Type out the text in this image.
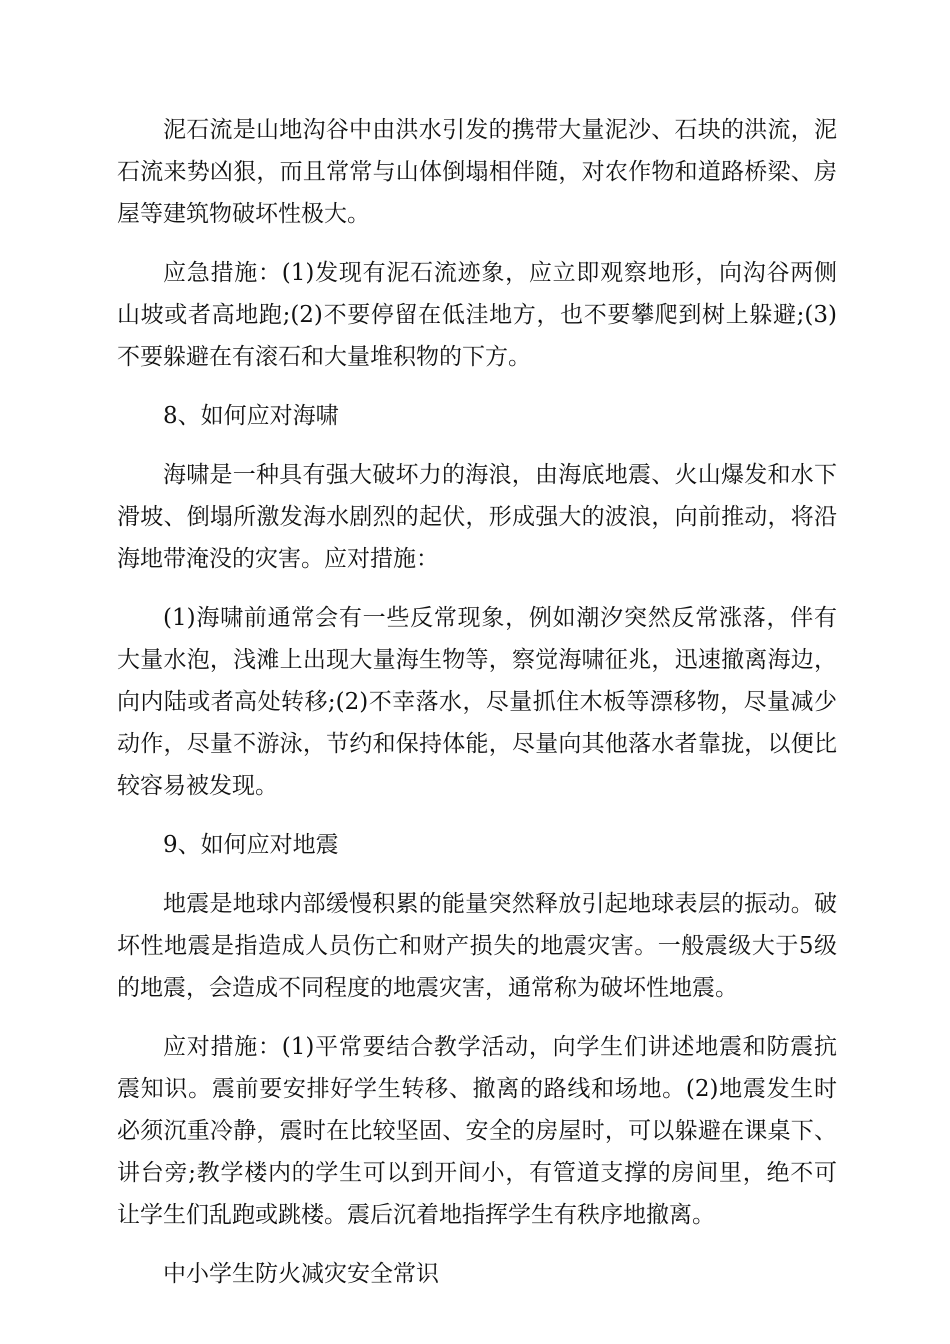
泥石流是山地沟谷中由洪水引发的携带大量泥沙、石块的洪流，泥石流来势凶狠，而且常常与山体倒塌相伴随，对农作物和道路桥梁、房屋等建筑物破坏性极大。

应急措施：(1)发现有泥石流迹象，应立即观察地形，向沟谷两侧山坡或者高地跑;(2)不要停留在低洼地方，也不要攀爬到树上躲避;(3)不要躲避在有滚石和大量堆积物的下方。

8、如何应对海啸

海啸是一种具有强大破坏力的海浪，由海底地震、火山爆发和水下滑坡、倒塌所激发海水剧烈的起伏，形成强大的波浪，向前推动，将沿海地带淹没的灾害。应对措施：

(1)海啸前通常会有一些反常现象，例如潮汐突然反常涨落，伴有大量水泡，浅滩上出现大量海生物等，察觉海啸征兆，迅速撤离海边，向内陆或者高处转移;(2)不幸落水，尽量抓住木板等漂移物，尽量减少动作，尽量不游泳，节约和保持体能，尽量向其他落水者靠拢，以便比较容易被发现。

9、如何应对地震

地震是地球内部缓慢积累的能量突然释放引起地球表层的振动。破坏性地震是指造成人员伤亡和财产损失的地震灾害。一般震级大于5级的地震，会造成不同程度的地震灾害，通常称为破坏性地震。

应对措施：(1)平常要结合教学活动，向学生们讲述地震和防震抗震知识。震前要安排好学生转移、撤离的路线和场地。(2)地震发生时必须沉重冷静，震时在比较坚固、安全的房屋时，可以躲避在课桌下、讲台旁;教学楼内的学生可以到开间小，有管道支撑的房间里，绝不可让学生们乱跑或跳楼。震后沉着地指挥学生有秩序地撤离。

中小学生防火减灾安全常识
